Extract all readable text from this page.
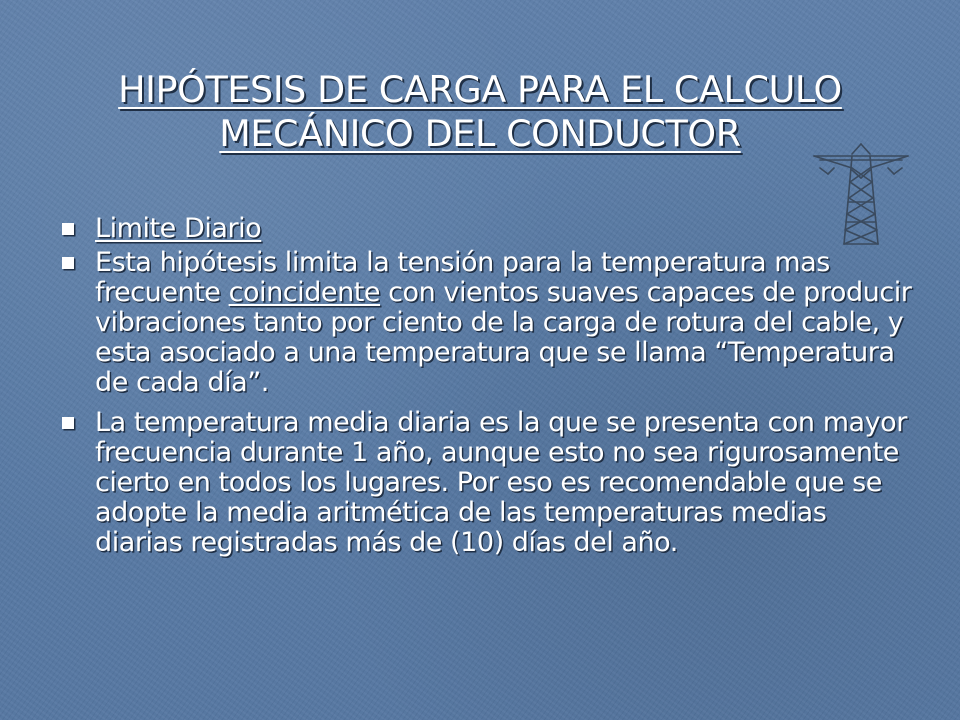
HIPÓTESIS DE CARGA PARA EL CALCULO
MECÁNICO DEL CONDUCTOR
Limite Diario
Esta hipótesis limita la tensión para la temperatura mas frecuente coincidente con vientos suaves capaces de producir vibraciones tanto por ciento de la carga de rotura del cable, y esta asociado a una temperatura que se llama “Temperatura de cada día”.
La temperatura media diaria es la que se presenta con mayor frecuencia durante 1 año, aunque esto no sea rigurosamente cierto en todos los lugares. Por eso es recomendable que se adopte la media aritmética de las temperaturas medias diarias registradas más de (10) días del año.
